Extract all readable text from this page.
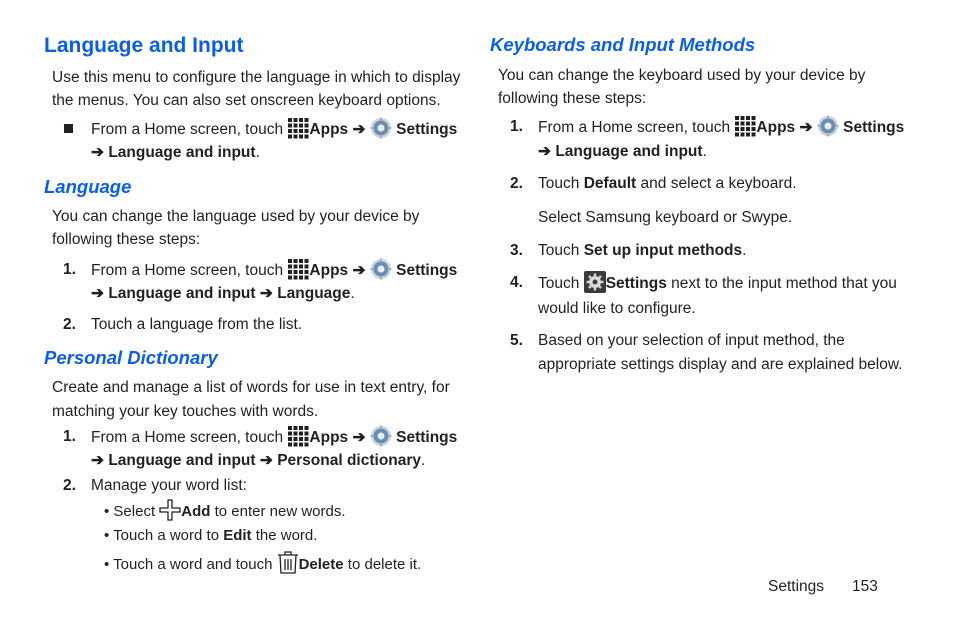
Language and Input
Use this menu to configure the language in which to display
the menus. You can also set onscreen keyboard options.
From a Home screen, touch Apps ➔ Settings
➔ Language and input.
Language
You can change the language used by your device by
following these steps:
1. From a Home screen, touch Apps ➔ Settings
➔ Language and input ➔ Language.
2. Touch a language from the list.
Personal Dictionary
Create and manage a list of words for use in text entry, for
matching your key touches with words.
1. From a Home screen, touch Apps ➔ Settings
➔ Language and input ➔ Personal dictionary.
2. Manage your word list:
• Select Add to enter new words.
• Touch a word to Edit the word.
• Touch a word and touch Delete to delete it.
Keyboards and Input Methods
You can change the keyboard used by your device by
following these steps:
1. From a Home screen, touch Apps ➔ Settings
➔ Language and input.
2. Touch Default and select a keyboard.
Select Samsung keyboard or Swype.
3. Touch Set up input methods.
4. Touch Settings next to the input method that you
would like to configure.
5. Based on your selection of input method, the
appropriate settings display and are explained below.
Settings 153
